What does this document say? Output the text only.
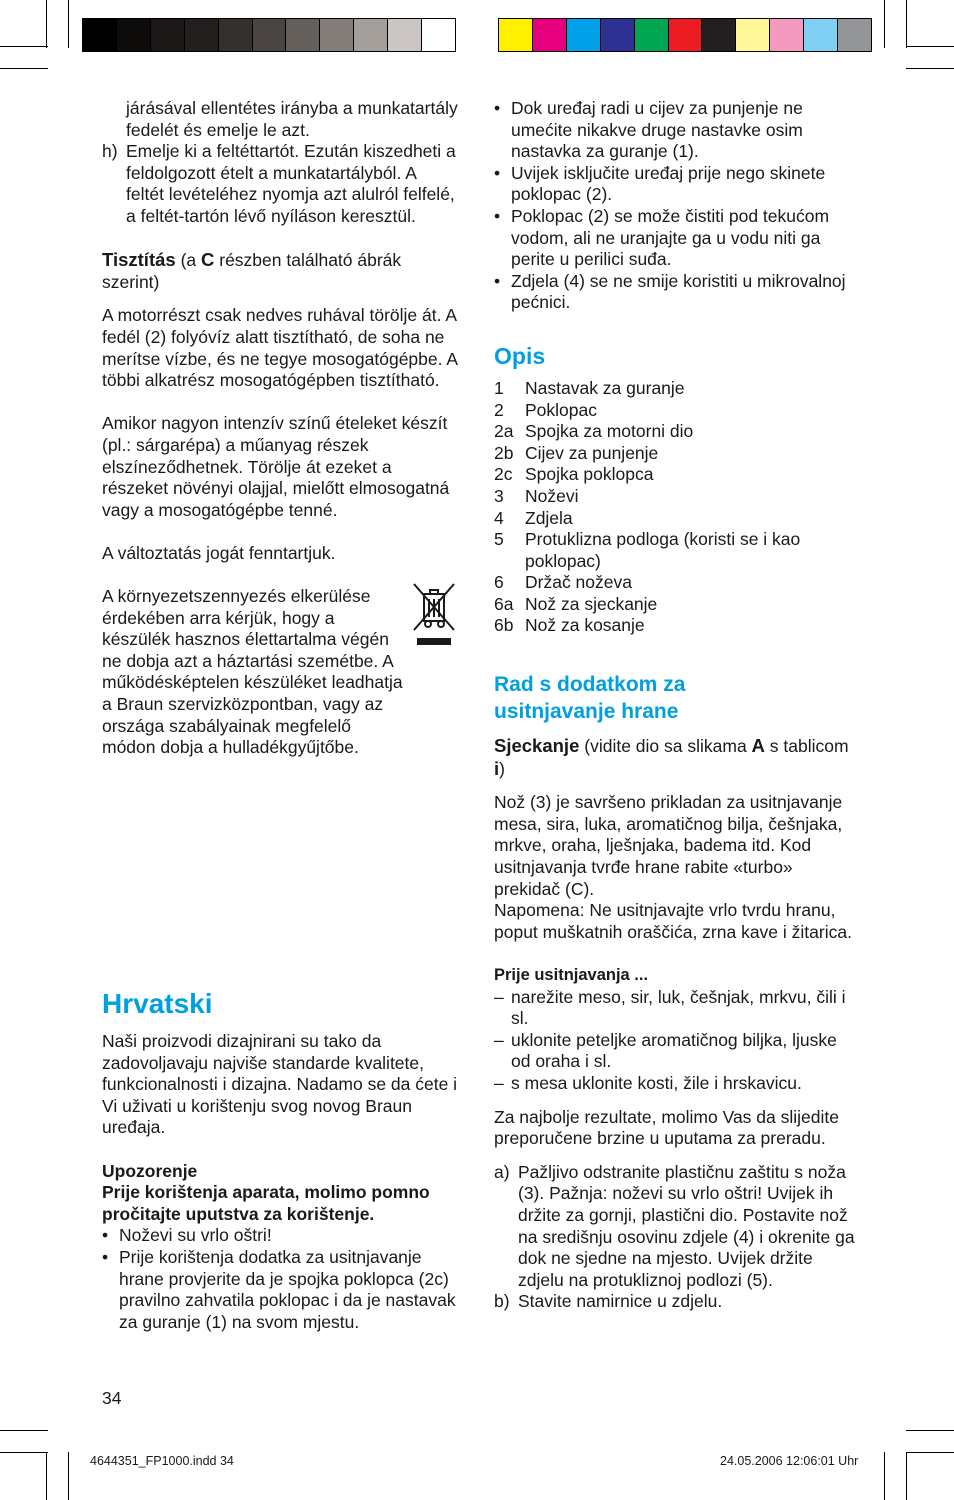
járásával ellentétes irányba a munkatartály fedelét és emelje le azt.

h) Emelje ki a feltéttartót. Ezután kiszedheti a feldolgozott ételt a munkatartályból. A feltét levételéhez nyomja azt alulról felfelé, a feltét-tartón lévő nyíláson keresztül.

Tisztítás (a C részben található ábrák szerint)

A motorrészt csak nedves ruhával törölje át. A fedél (2) folyóvíz alatt tisztítható, de soha ne merítse vízbe, és ne tegye mosogatógépbe. A többi alkatrész mosogatógépben tisztítható.

Amikor nagyon intenzív színű ételeket készít (pl.: sárgarépa) a műanyag részek elszíneződhetnek. Törölje át ezeket a részeket növényi olajjal, mielőtt elmosogatná vagy a mosogatógépbe tenné.

A változtatás jogát fenntartjuk.

A környezetszennyezés elkerülése érdekében arra kérjük, hogy a készülék hasznos élettartalma végén ne dobja azt a háztartási szemétbe. A működésképtelen készüléket leadhatja a Braun szervizközpontban, vagy az országa szabályainak megfelelő módon dobja a hulladékgyűjtőbe.

Hrvatski

Naši proizvodi dizajnirani su tako da zadovoljavaju najviše standarde kvalitete, funkcionalnosti i dizajna. Nadamo se da ćete i Vi uživati u korištenju svog novog Braun uređaja.

Upozorenje

Prije korištenja aparata, molimo pomno pročitajte uputstva za korištenje.

• Noževi su vrlo oštri!
• Prije korištenja dodatka za usitnjavanje hrane provjerite da je spojka poklopca (2c) pravilno zahvatila poklopac i da je nastavak za guranje (1) na svom mjestu.
34
• Dok uređaj radi u cijev za punjenje ne umećite nikakve druge nastavke osim nastavka za guranje (1).
• Uvijek isključite uređaj prije nego skinete poklopac (2).
• Poklopac (2) se može čistiti pod tekućom vodom, ali ne uranjajte ga u vodu niti ga perite u perilici suđa.
• Zdjela (4) se ne smije koristiti u mikrovalnoj pećnici.
Opis
1	Nastavak za guranje
2	Poklopac
2a Spojka za motorni dio
2b Cijev za punjenje
2c Spojka poklopca
3	Noževi
4	Zdjela
5	Protuklizna podloga (koristi se i kao poklopac)
6	Držač noževa
6a Nož za sjeckanje
6b Nož za kosanje
Rad s dodatkom za usitnjavanje hrane

Sjeckanje (vidite dio sa slikama A s tablicom i)

Nož (3) je savršeno prikladan za usitnjavanje mesa, sira, luka, aromatičnog bilja, češnjaka, mrkve, oraha, lješnjaka, badema itd. Kod usitnjavanja tvrđe hrane rabite «turbo» prekidač (C).

Napomena: Ne usitnjavajte vrlo tvrdu hranu, poput muškatnih oraščića, zrna kave i žitarica.

Prije usitnjavanja ...

– narežite meso, sir, luk, češnjak, mrkvu, čili i sl.
– uklonite peteljke aromatičnog biljka, ljuske od oraha i sl.
– s mesa uklonite kosti, žile i hrskavicu.

Za najbolje rezultate, molimo Vas da slijedite preporučene brzine u uputama za preradu.

a) Pažljivo odstranite plastičnu zaštitu s noža (3). Pažnja: noževi su vrlo oštri! Uvijek ih držite za gornji, plastični dio. Postavite nož na središnju osovinu zdjele (4) i okrenite ga dok ne sjedne na mjesto. Uvijek držite zdjelu na protukliznoj podlozi (5).
b) Stavite namirnice u zdjelu.
4644351_FP1000.indd 34	24.05.2006 12:06:01 Uhr
